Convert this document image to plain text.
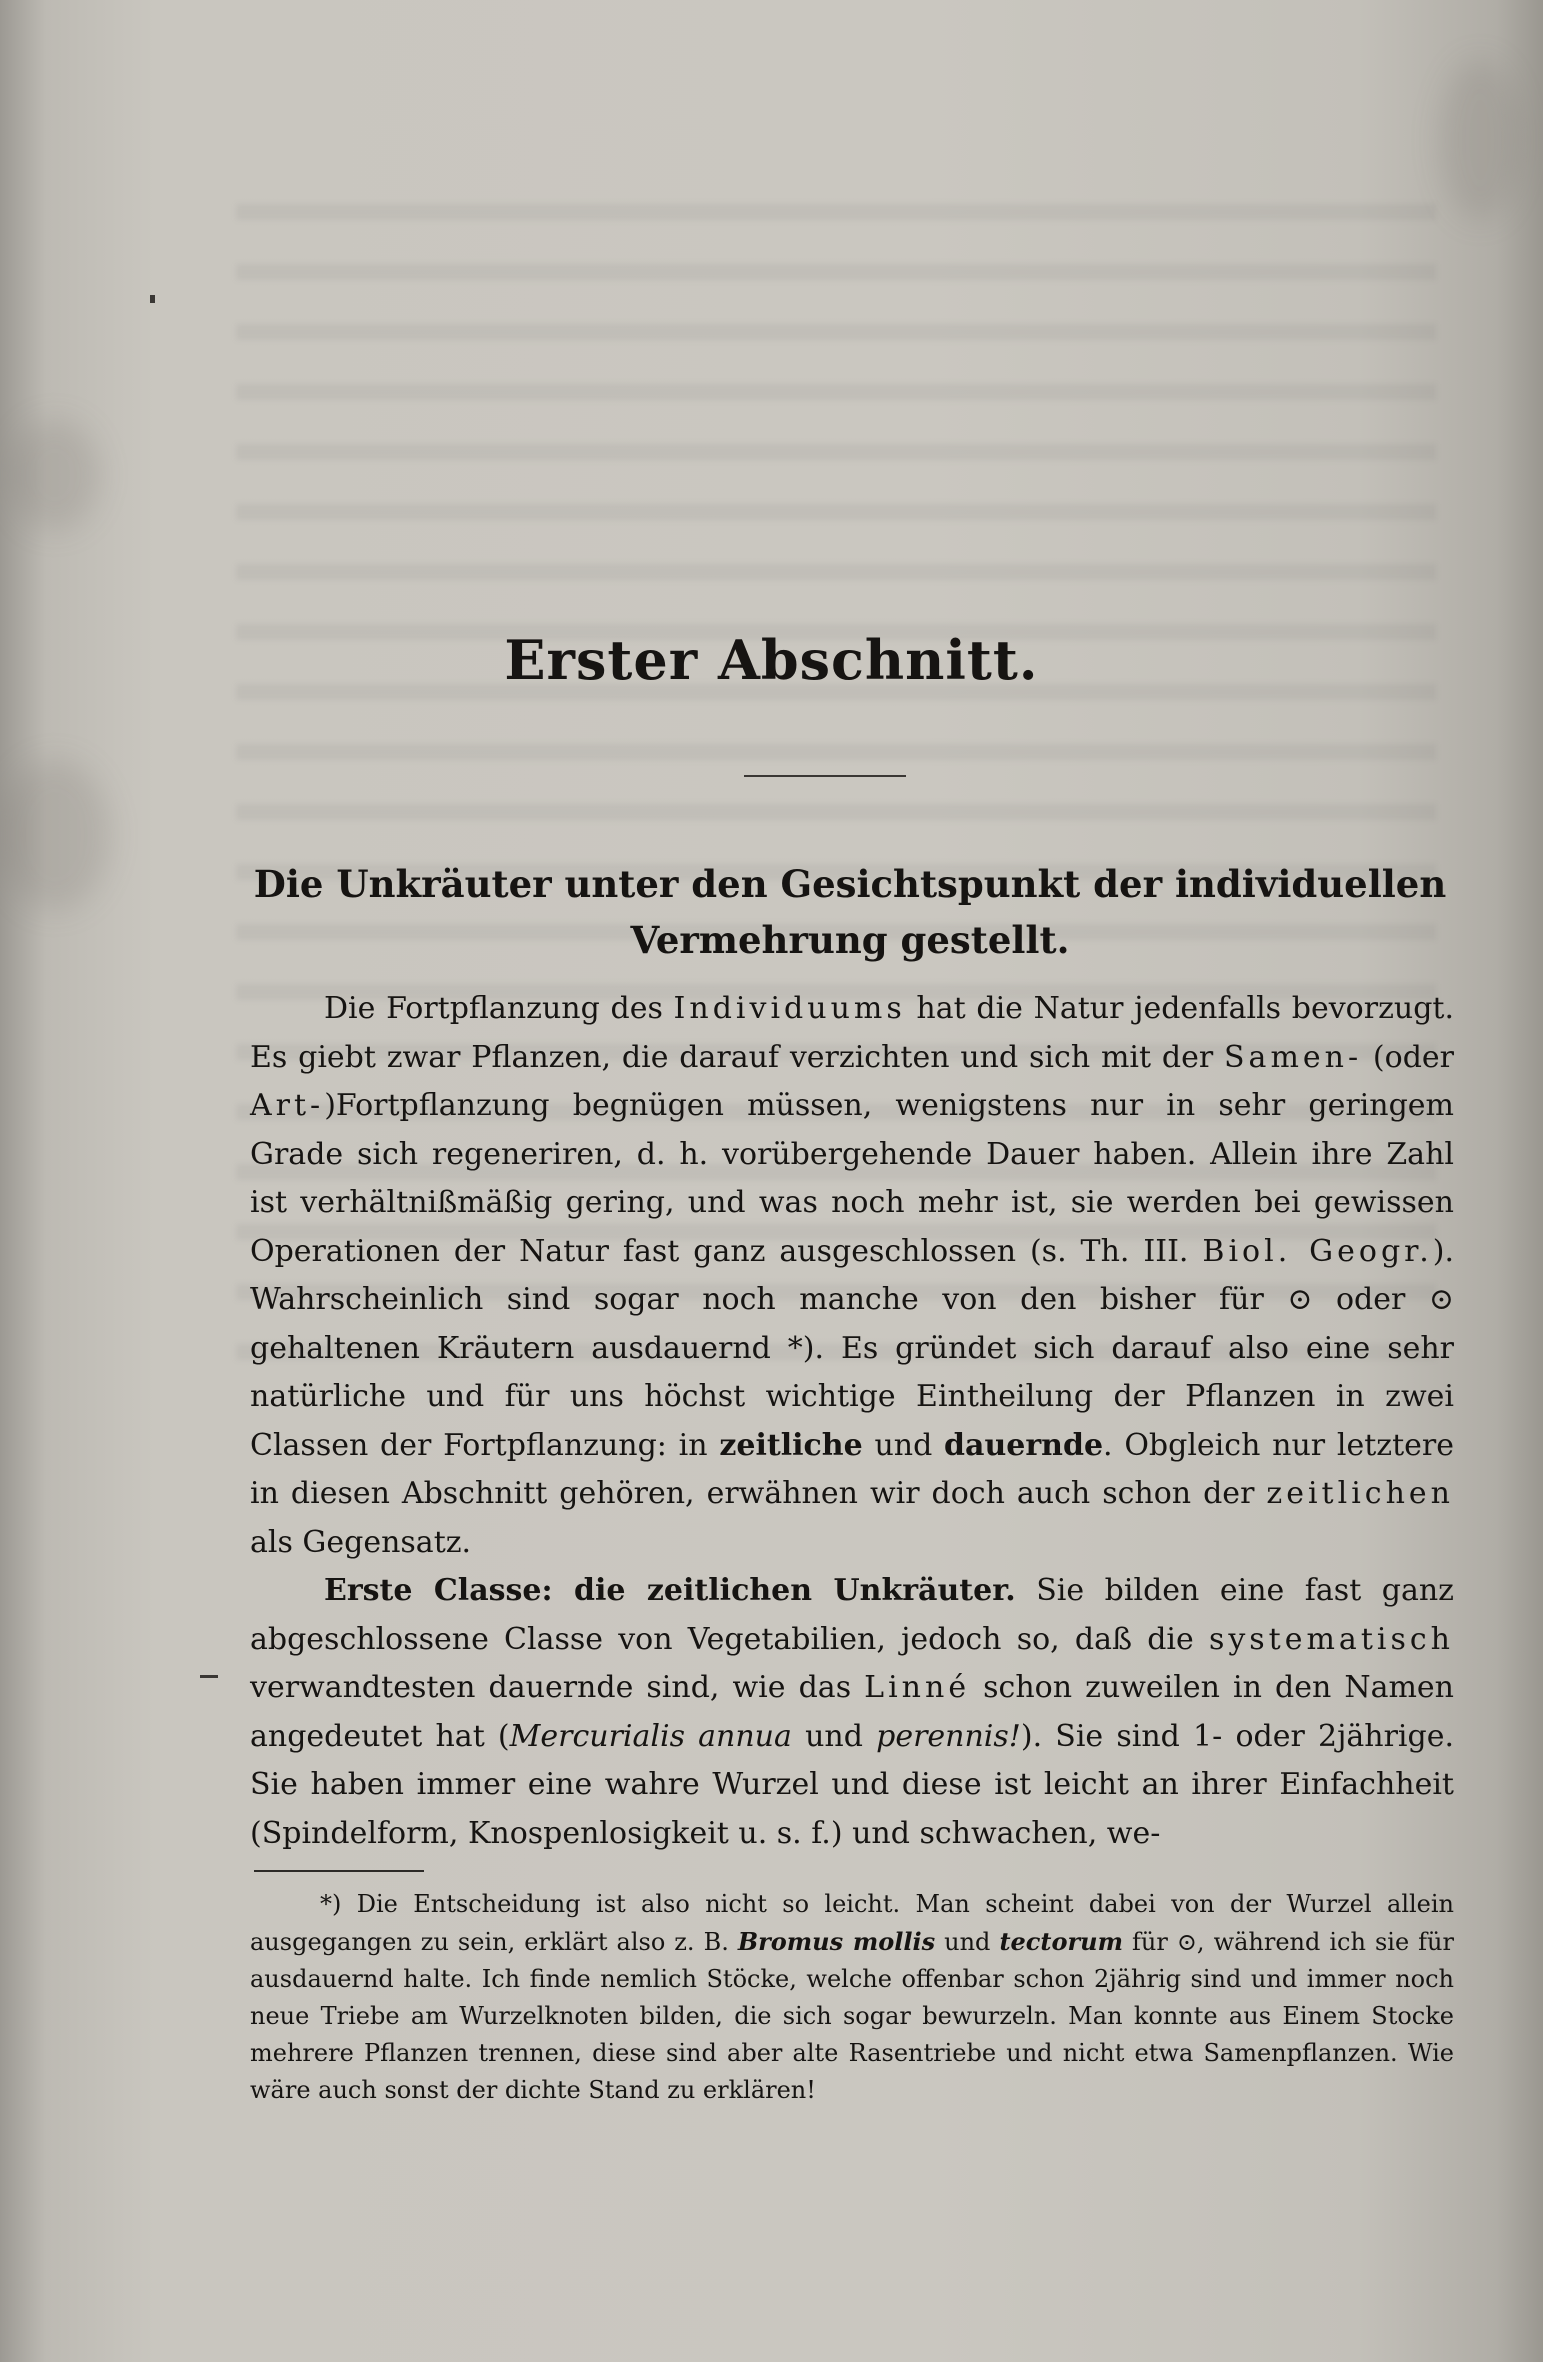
Erster Abschnitt.
Die Unkräuter unter den Gesichtspunkt der individuellen Vermehrung gestellt.

Die Fortpflanzung des Individuums hat die Natur jedenfalls bevorzugt. Es giebt zwar Pflanzen, die darauf verzichten und sich mit der Samen- (oder Art-)Fortpflanzung begnügen müssen, wenigstens nur in sehr geringem Grade sich regeneriren, d. h. vorübergehende Dauer haben. Allein ihre Zahl ist verhältnißmäßig gering, und was noch mehr ist, sie werden bei gewissen Operationen der Natur fast ganz ausgeschlossen (s. Th. III. Biol. Geogr.). Wahrscheinlich sind sogar noch manche von den bisher für ⊙ oder ⊙ gehaltenen Kräutern ausdauernd *). Es gründet sich darauf also eine sehr natürliche und für uns höchst wichtige Eintheilung der Pflanzen in zwei Classen der Fortpflanzung: in zeitliche und dauernde. Obgleich nur letztere in diesen Abschnitt gehören, erwähnen wir doch auch schon der zeitlichen als Gegensatz.

Erste Classe: die zeitlichen Unkräuter. Sie bilden eine fast ganz abgeschlossene Classe von Vegetabilien, jedoch so, daß die systematisch verwandtesten dauernde sind, wie das Linné schon zuweilen in den Namen angedeutet hat (Mercurialis annua und perennis!). Sie sind 1- oder 2jährige. Sie haben immer eine wahre Wurzel und diese ist leicht an ihrer Einfachheit (Spindelform, Knospenlosigkeit u. s. f.) und schwachen, we-

*) Die Entscheidung ist also nicht so leicht. Man scheint dabei von der Wurzel allein ausgegangen zu sein, erklärt also z. B. Bromus mollis und tectorum für ⊙, während ich sie für ausdauernd halte. Ich finde nemlich Stöcke, welche offenbar schon 2jährig sind und immer noch neue Triebe am Wurzelknoten bilden, die sich sogar bewurzeln. Man konnte aus Einem Stocke mehrere Pflanzen trennen, diese sind aber alte Rasentriebe und nicht etwa Samenpflanzen. Wie wäre auch sonst der dichte Stand zu erklären!
